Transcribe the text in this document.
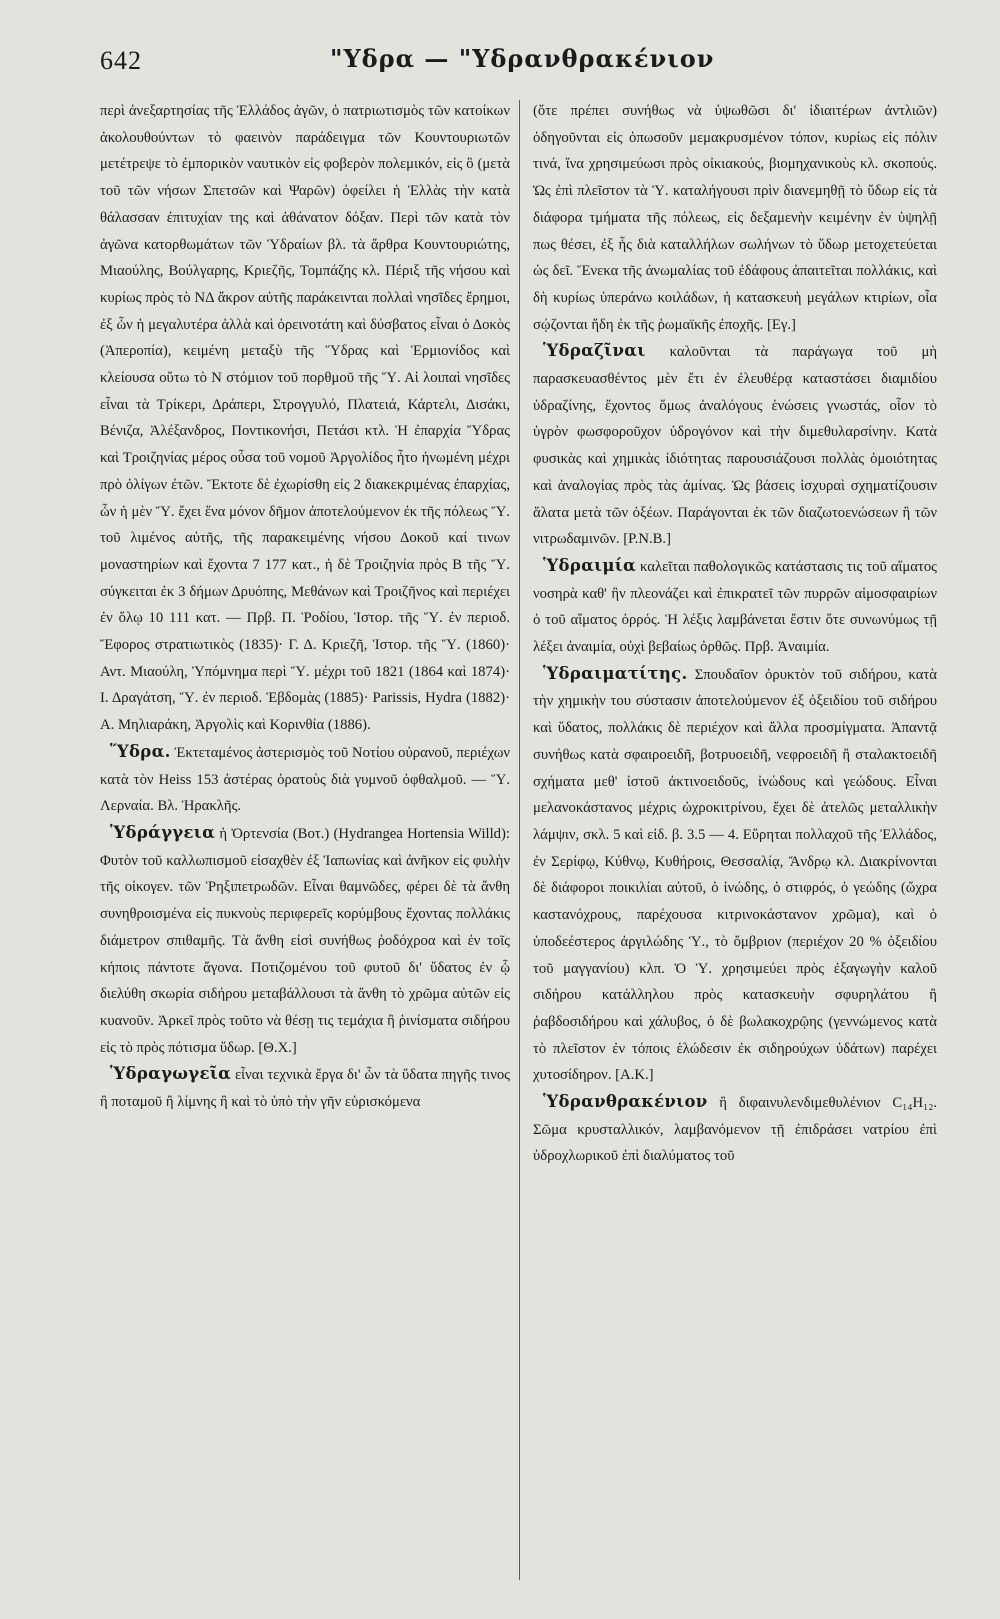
642	"Υδρα — "Υδρανθρακένιον

περὶ ἀνεξαρτησίας τῆς Ἑλλάδος ἀγῶν, ὁ πατριωτισμὸς τῶν κατοίκων ἀκολουθούντων τὸ φαεινὸν παράδειγμα τῶν Κουντουριωτῶν μετέτρεψε τὸ ἐμπορικὸν ναυτικὸν εἰς φοβερὸν πολεμικόν, εἰς ὃ (μετὰ τοῦ τῶν νήσων Σπετσῶν καὶ Ψαρῶν) ὀφείλει ἡ Ἑλλὰς τὴν κατὰ θάλασσαν ἐπιτυχίαν της καὶ ἀθάνατον δόξαν. Περὶ τῶν κατὰ τὸν ἀγῶνα κατορθωμάτων τῶν Ὑδραίων βλ. τὰ ἄρθρα Κουντουριώτης, Μιαούλης, Βούλγαρης, Κριεζῆς, Τομπάζης κλ. Πέριξ τῆς νήσου καὶ κυρίως πρὸς τὸ ΝΔ ἄκρον αὐτῆς παράκεινται πολλαὶ νησῖδες ἔρημοι, ἐξ ὧν ἡ μεγαλυτέρα ἀλλὰ καὶ ὀρεινοτάτη καὶ δύσβατος εἶναι ὁ Δοκὸς (Ἀπεροπία), κειμένη μεταξὺ τῆς Ὕδρας καὶ Ἑρμιονίδος καὶ κλείουσα οὕτω τὸ Ν στόμιον τοῦ πορθμοῦ τῆς Ὕ. Αἱ λοιπαὶ νησῖδες εἶναι τὰ Τρίκερι, Δράπερι, Στρογγυλό, Πλατειά, Κάρτελι, Δισάκι, Βένιζα, Ἀλέξανδρος, Ποντικονήσι, Πετάσι κτλ. Ἡ ἐπαρχία Ὕδρας καὶ Τροιζηνίας μέρος οὖσα τοῦ νομοῦ Ἀργολίδος ἦτο ἡνωμένη μέχρι πρὸ ὀλίγων ἐτῶν. Ἔκτοτε δὲ ἐχωρίσθη εἰς 2 διακεκριμένας ἐπαρχίας, ὧν ἡ μὲν Ὕ. ἔχει ἕνα μόνον δῆμον ἀποτελούμενον ἐκ τῆς πόλεως Ὕ. τοῦ λιμένος αὐτῆς, τῆς παρακειμένης νήσου Δοκοῦ καί τινων μοναστηρίων καὶ ἔχοντα 7 177 κατ., ἡ δὲ Τροιζηνία πρὸς Β τῆς Ὕ. σύγκειται ἐκ 3 δήμων Δρυόπης, Μεθάνων καὶ Τροιζῆνος καὶ περιέχει ἐν ὅλῳ 10 111 κατ. — Πρβ. Π. Ῥοδίου, Ἱστορ. τῆς Ὕ. ἐν περιοδ. Ἔφορος στρατιωτικὸς (1835)· Γ. Δ. Κριεζῆ, Ἱστορ. τῆς Ὕ. (1860)· Αντ. Μιαούλη, Ὑπόμνημα περὶ Ὕ. μέχρι τοῦ 1821 (1864 καὶ 1874)· Ι. Δραγάτση, Ὕ. ἐν περιοδ. Ἑβδομὰς (1885)· Parissis, Hydra (1882)· Α. Μηλιαράκη, Ἀργολὶς καὶ Κορινθία (1886).

Ὕδρα. Ἐκτεταμένος ἀστερισμὸς τοῦ Νοτίου οὐρανοῦ, περιέχων κατὰ τὸν Heiss 153 ἀστέρας ὁρατοὺς διὰ γυμνοῦ ὀφθαλμοῦ. — Ὕ. Λερναία. Βλ. Ἡρακλῆς.

Ὑδράγγεια ἡ Ὀρτενσία (Βοτ.) (Hydrangea Hortensia Willd): Φυτὸν τοῦ καλλωπισμοῦ εἰσαχθὲν ἐξ Ἰαπωνίας καὶ ἀνῆκον εἰς φυλὴν τῆς οἰκογεν. τῶν Ῥηξιπετρωδῶν. Εἶναι θαμνῶδες, φέρει δὲ τὰ ἄνθη συνηθροισμένα εἰς πυκνοὺς περιφερεῖς κορύμβους ἔχοντας πολλάκις διάμετρον σπιθαμῆς. Τὰ ἄνθη εἰσὶ συνήθως ῥοδόχροα καὶ ἐν τοῖς κήποις πάντοτε ἄγονα. Ποτιζομένου τοῦ φυτοῦ δι' ὕδατος ἐν ᾧ διελύθη σκωρία σιδήρου μεταβάλλουσι τὰ ἄνθη τὸ χρῶμα αὐτῶν εἰς κυανοῦν. Ἀρκεῖ πρὸς τοῦτο νὰ θέσῃ τις τεμάχια ἢ ῥινίσματα σιδήρου εἰς τὸ πρὸς πότισμα ὕδωρ. [Θ.Χ.]

Ὑδραγωγεῖα εἶναι τεχνικὰ ἔργα δι' ὧν τὰ ὕδατα πηγῆς τινος ἢ ποταμοῦ ἢ λίμνης ἢ καὶ τὸ ὑπὸ τὴν γῆν εὑρισκόμενα

(ὅτε πρέπει συνήθως νὰ ὑψωθῶσι δι' ἰδιαιτέρων ἀντλιῶν) ὁδηγοῦνται εἰς ὁπωσοῦν μεμακρυσμένον τόπον, κυρίως εἰς πόλιν τινά, ἵνα χρησιμεύωσι πρὸς οἰκιακούς, βιομηχανικοὺς κλ. σκοπούς. Ὡς ἐπὶ πλεῖστον τὰ Ὑ. καταλήγουσι πρὶν διανεμηθῇ τὸ ὕδωρ εἰς τὰ διάφορα τμήματα τῆς πόλεως, εἰς δεξαμενὴν κειμένην ἐν ὑψηλῇ πως θέσει, ἐξ ἧς διὰ καταλλήλων σωλήνων τὸ ὕδωρ μετοχετεύεται ὡς δεῖ. Ἕνεκα τῆς ἀνωμαλίας τοῦ ἐδάφους ἀπαιτεῖται πολλάκις, καὶ δὴ κυρίως ὑπεράνω κοιλάδων, ἡ κατασκευὴ μεγάλων κτιρίων, οἷα σῴζονται ἤδη ἐκ τῆς ῥωμαϊκῆς ἐποχῆς. [Εγ.]

Ὑδραζῖναι καλοῦνται τὰ παράγωγα τοῦ μὴ παρασκευασθέντος μὲν ἔτι ἐν ἐλευθέρᾳ καταστάσει διαμιδίου ὑδραζίνης, ἔχοντος ὅμως ἀναλόγους ἑνώσεις γνωστάς, οἷον τὸ ὑγρὸν φωσφοροῦχον ὑδρογόνον καὶ τὴν διμεθυλαρσίνην. Κατὰ φυσικὰς καὶ χημικὰς ἰδιότητας παρουσιάζουσι πολλὰς ὁμοιότητας καὶ ἀναλογίας πρὸς τὰς ἀμίνας. Ὡς βάσεις ἰσχυραὶ σχηματίζουσιν ἅλατα μετὰ τῶν ὀξέων. Παράγονται ἐκ τῶν διαζωτοενώσεων ἢ τῶν νιτρωδαμινῶν. [Ρ.Ν.Β.]

Ὑδραιμία καλεῖται παθολογικῶς κατάστασις τις τοῦ αἵματος νοσηρὰ καθ' ἣν πλεονάζει καὶ ἐπικρατεῖ τῶν πυρρῶν αἱμοσφαιρίων ὁ τοῦ αἵματος ὀρρός. Ἡ λέξις λαμβάνεται ἔστιν ὅτε συνωνύμως τῇ λέξει ἀναιμία, οὐχὶ βεβαίως ὀρθῶς. Πρβ. Ἀναιμία.

Ὑδραιματίτης. Σπουδαῖον ὀρυκτὸν τοῦ σιδήρου, κατὰ τὴν χημικὴν του σύστασιν ἀποτελούμενον ἐξ ὀξειδίου τοῦ σιδήρου καὶ ὕδατος, πολλάκις δὲ περιέχον καὶ ἄλλα προσμίγματα. Ἀπαντᾷ συνήθως κατὰ σφαιροειδῆ, βοτρυοειδῆ, νεφροειδῆ ἢ σταλακτοειδῆ σχήματα μεθ' ἰστοῦ ἀκτινοειδοῦς, ἰνώδους καὶ γεώδους. Εἶναι μελανοκάστανος μέχρις ὠχροκιτρίνου, ἔχει δὲ ἀτελῶς μεταλλικὴν λάμψιν, σκλ. 5 καὶ εἰδ. β. 3.5 — 4. Εὕρηται πολλαχοῦ τῆς Ἑλλάδος, ἐν Σερίφῳ, Κύθνῳ, Κυθήροις, Θεσσαλίᾳ, Ἄνδρῳ κλ. Διακρίνονται δὲ διάφοροι ποικιλίαι αὐτοῦ, ὁ ἰνώδης, ὁ στιφρός, ὁ γεώδης (ὤχρα καστανόχρους, παρέχουσα κιτρινοκάστανον χρῶμα), καὶ ὁ ὑποδεέστερος ἀργιλώδης Ὑ., τὸ ὄμβριον (περιέχον 20 % ὀξειδίου τοῦ μαγγανίου) κλπ. Ὁ Ὑ. χρησιμεύει πρὸς ἐξαγωγὴν καλοῦ σιδήρου κατάλληλου πρὸς κατασκευὴν σφυρηλάτου ἢ ῥαβδοσιδήρου καὶ χάλυβος, ὁ δὲ βωλακοχρῷης (γεννώμενος κατὰ τὸ πλεῖστον ἐν τόποις ἑλώδεσιν ἐκ σιδηρούχων ὑδάτων) παρέχει χυτοσίδηρον. [Α.Κ.]

Ὑδρανθρακένιον ἢ διφαινυλενδιμεθυλένιον C₁₄H₁₂. Σῶμα κρυσταλλικόν, λαμβανόμενον τῇ ἐπιδράσει νατρίου ἐπὶ ὑδροχλωρικοῦ ἐπὶ διαλύματος τοῦ
